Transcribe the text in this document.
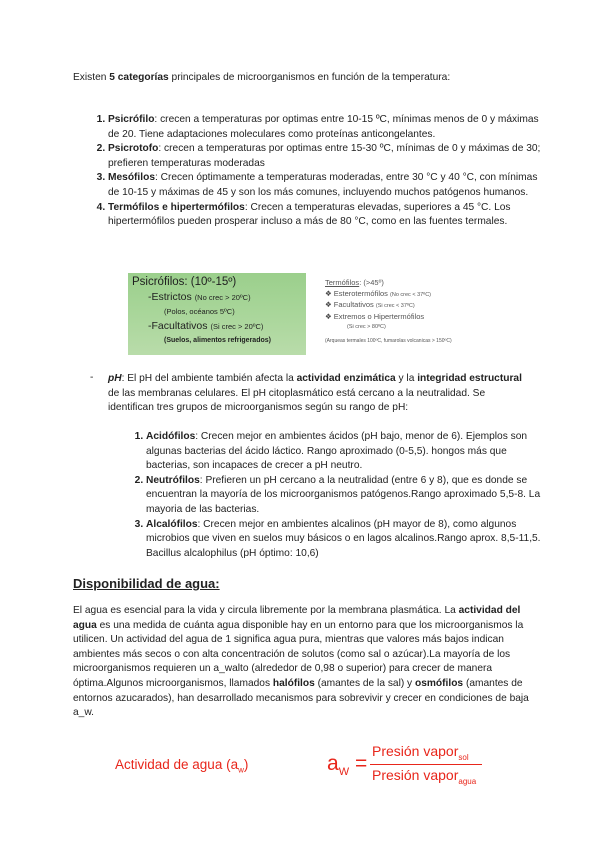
Existen 5 categorías principales de microorganismos en función de la temperatura:
1. Psicrófilo: crecen a temperaturas por optimas entre 10-15 ºC, mínimas menos de 0 y máximas de 20. Tiene adaptaciones moleculares como proteínas anticongelantes.
2. Psicrotofo: crecen a temperaturas por optimas entre 15-30 ºC, mínimas de 0 y máximas de 30; prefieren temperaturas moderadas
3. Mesófilos: Crecen óptimamente a temperaturas moderadas, entre 30 °C y 40 °C, con mínimas de 10-15 y máximas de 45 y son los más comunes, incluyendo muchos patógenos humanos.
4. Termófilos e hipertermófilos: Crecen a temperaturas elevadas, superiores a 45 °C. Los hipertermófilos pueden prosperar incluso a más de 80 °C, como en las fuentes termales.
Psicrófilos: (10º-15º)
-Estrictos (No crec > 20ºC)
(Polos, océanos 5ºC)
-Facultativos (Si crec > 20ºC)
(Suelos, alimentos refrigerados)
Termófilos: (>45º)
❖ Esterotermófilos (No crec < 37ºC)
❖ Facultativos (Si crec < 37ºC)
❖ Extremos o Hipertermófilos
(Si crec > 80ºC)
(Arqueas termales 100ºC, fumarolas volcanicas > 150ºC)
- pH: El pH del ambiente también afecta la actividad enzimática y la integridad estructural de las membranas celulares. El pH citoplasmático está cercano a la neutralidad. Se identifican tres grupos de microorganismos según su rango de pH:
1. Acidófilos: Crecen mejor en ambientes ácidos (pH bajo, menor de 6). Ejemplos son algunas bacterias del ácido láctico. Rango aproximado (0-5,5). hongos más que bacterias, son incapaces de crecer a pH neutro.
2. Neutrófilos: Prefieren un pH cercano a la neutralidad (entre 6 y 8), que es donde se encuentran la mayoría de los microorganismos patógenos.Rango aproximado 5,5-8. La mayoria de las bacterias.
3. Alcalófilos: Crecen mejor en ambientes alcalinos (pH mayor de 8), como algunos microbios que viven en suelos muy básicos o en lagos alcalinos.Rango aprox. 8,5-11,5. Bacillus alcalophilus (pH óptimo: 10,6)
Disponibilidad de agua:
El agua es esencial para la vida y circula libremente por la membrana plasmática. La actividad del agua es una medida de cuánta agua disponible hay en un entorno para que los microorganismos la utilicen. Un actividad del agua de 1 significa agua pura, mientras que valores más bajos indican ambientes más secos o con alta concentración de solutos (como sal o azúcar).La mayoría de los microorganismos requieren un a_walto (alrededor de 0,98 o superior) para crecer de manera óptima.Algunos microorganismos, llamados halófilos (amantes de la sal) y osmófilos (amantes de entornos azucarados), han desarrollado mecanismos para sobrevivir y crecer en condiciones de baja a_w.
Actividad de agua $(a_w)$	$a_W$ =
Presión vapor$_{sol}$
Presión vapor$_{agua}$
